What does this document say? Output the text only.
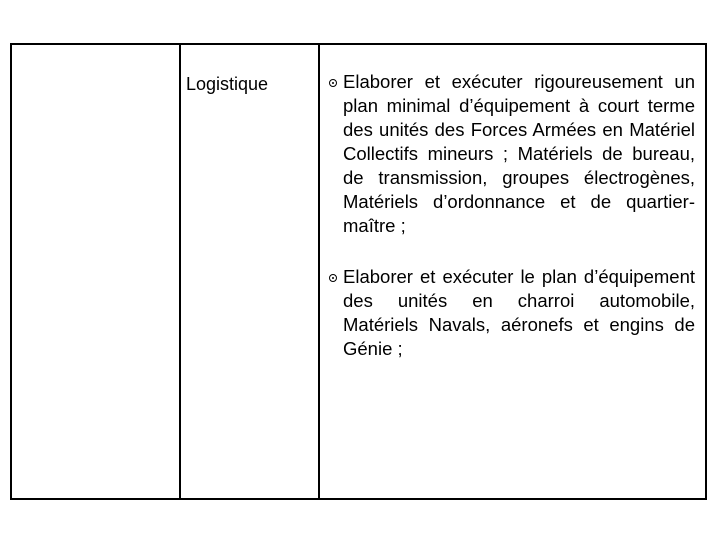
Logistique	Elaborer et exécuter rigoureusement un plan minimal d’équipement à court terme des unités des Forces Armées en Matériel Collectifs mineurs ; Matériels de bureau, de transmission, groupes électrogènes, Matériels d’ordonnance et de quartier-maître ;

Elaborer et exécuter le plan d’équipement des unités en charroi automobile, Matériels Navals, aéronefs et engins de Génie ;
